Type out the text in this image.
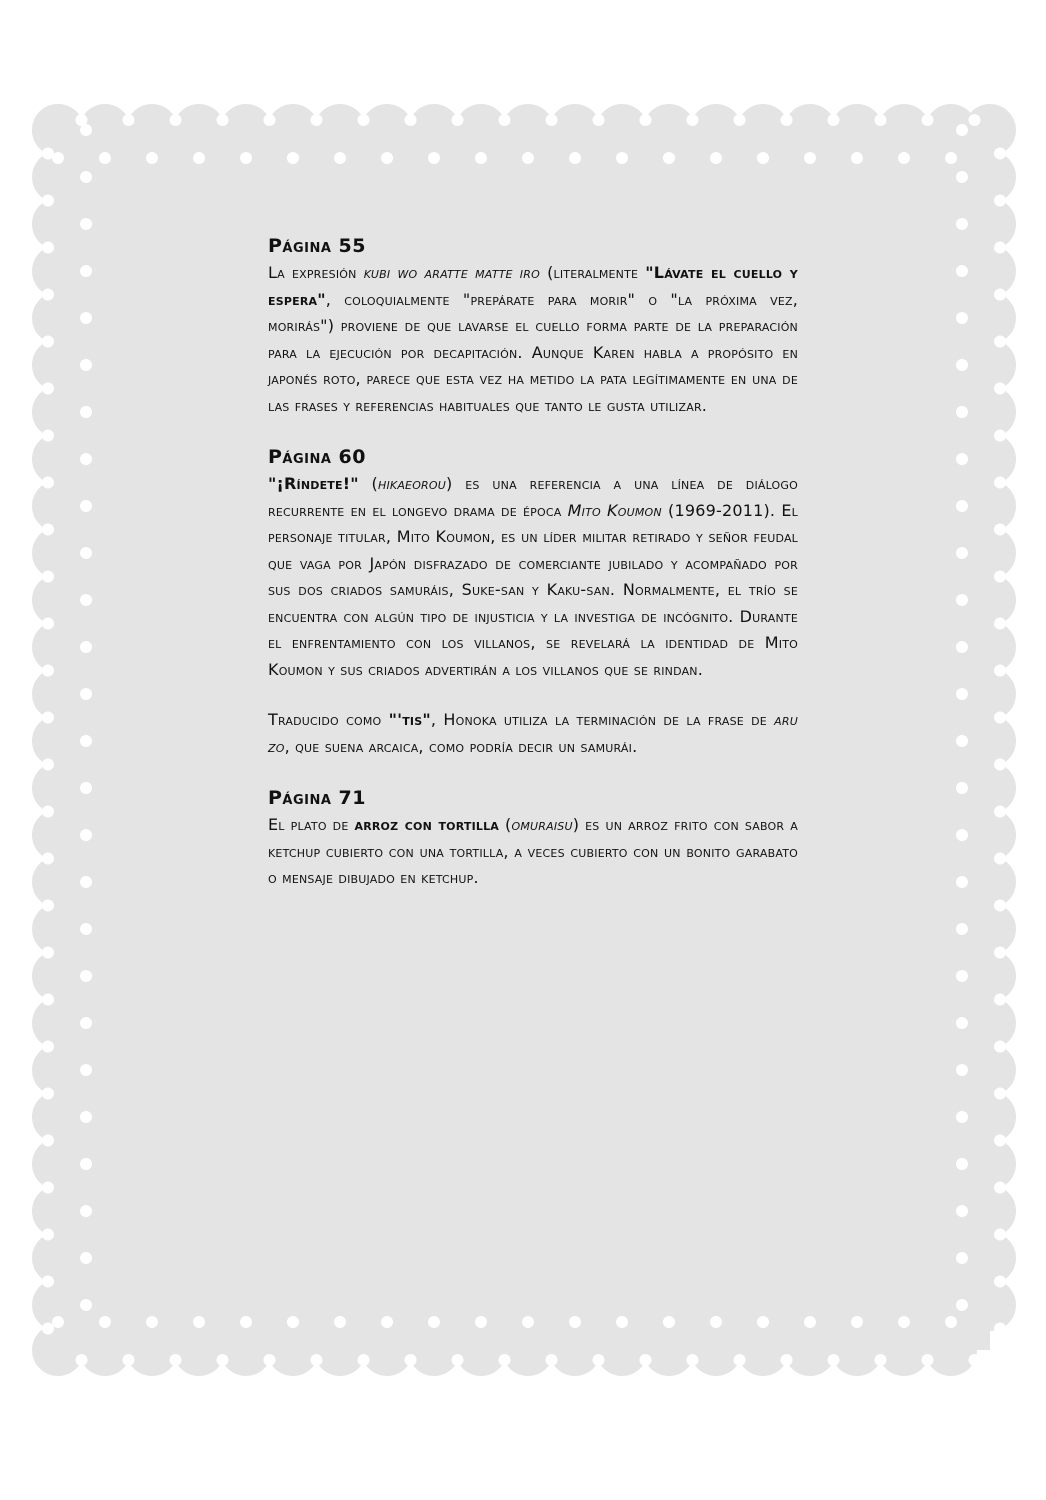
Página 55

La expresión kubi wo aratte matte iro (literalmente "Lávate el cuello y espera", coloquialmente "prepárate para morir" o "la próxima vez, morirás") proviene de que lavarse el cuello forma parte de la preparación para la ejecución por decapitación. Aunque Karen habla a propósito en japonés roto, parece que esta vez ha metido la pata legítimamente en una de las frases y referencias habituales que tanto le gusta utilizar.

Página 60

"¡Ríndete!" (hikaeorou) es una referencia a una línea de diálogo recurrente en el longevo drama de época Mito Koumon (1969-2011). El personaje titular, Mito Koumon, es un líder militar retirado y señor feudal que vaga por Japón disfrazado de comerciante jubilado y acompañado por sus dos criados samuráis, Suke-san y Kaku-san. Normalmente, el trío se encuentra con algún tipo de injusticia y la investiga de incógnito. Durante el enfrentamiento con los villanos, se revelará la identidad de Mito Koumon y sus criados advertirán a los villanos que se rindan.

Traducido como "'tis", Honoka utiliza la terminación de la frase de aru zo, que suena arcaica, como podría decir un samurái.

Página 71

El plato de arroz con tortilla (omuraisu) es un arroz frito con sabor a ketchup cubierto con una tortilla, a veces cubierto con un bonito garabato o mensaje dibujado en ketchup.
